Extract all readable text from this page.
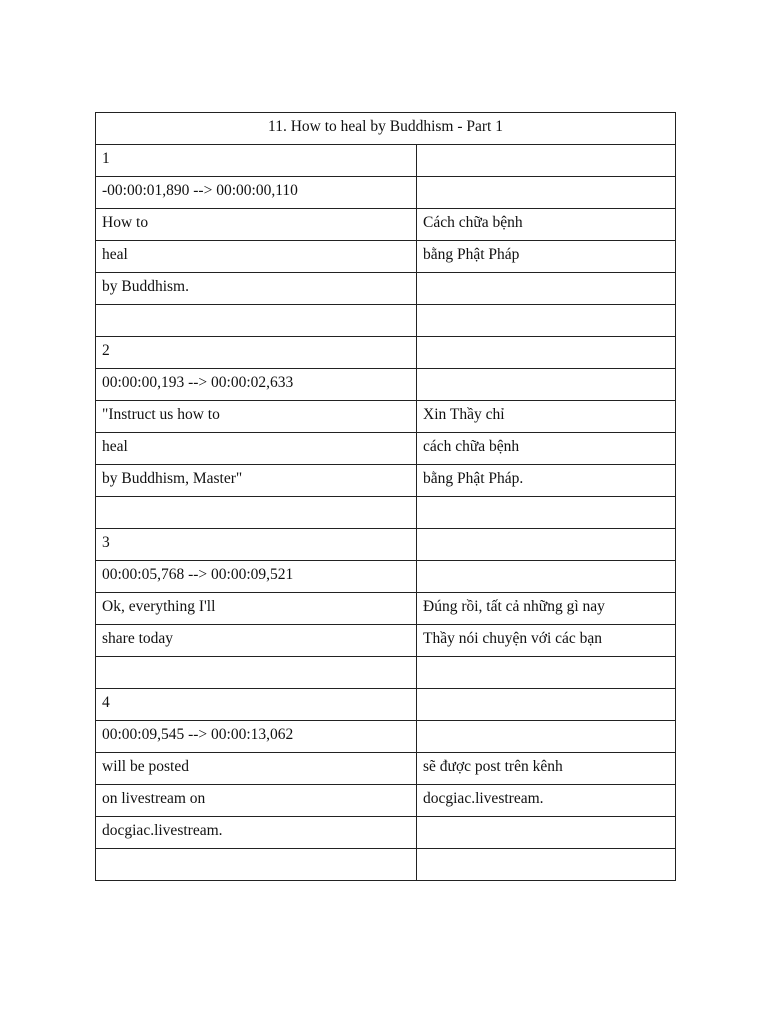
11. How to heal by Buddhism - Part 1	
1	
-00:00:01,890 --> 00:00:00,110	
How to	Cách chữa bệnh
heal	bằng Phật Pháp
by Buddhism.	

2	
00:00:00,193 --> 00:00:02,633	
"Instruct us how to	Xin Thầy chỉ
heal	cách chữa bệnh
by Buddhism, Master"	bằng Phật Pháp.

3	
00:00:05,768 --> 00:00:09,521	
Ok, everything I'll	Đúng rồi, tất cả những gì nay
share today	Thầy nói chuyện với các bạn

4	
00:00:09,545 --> 00:00:13,062	
will be posted	sẽ được post trên kênh
on livestream on	docgiac.livestream.
docgiac.livestream.	
